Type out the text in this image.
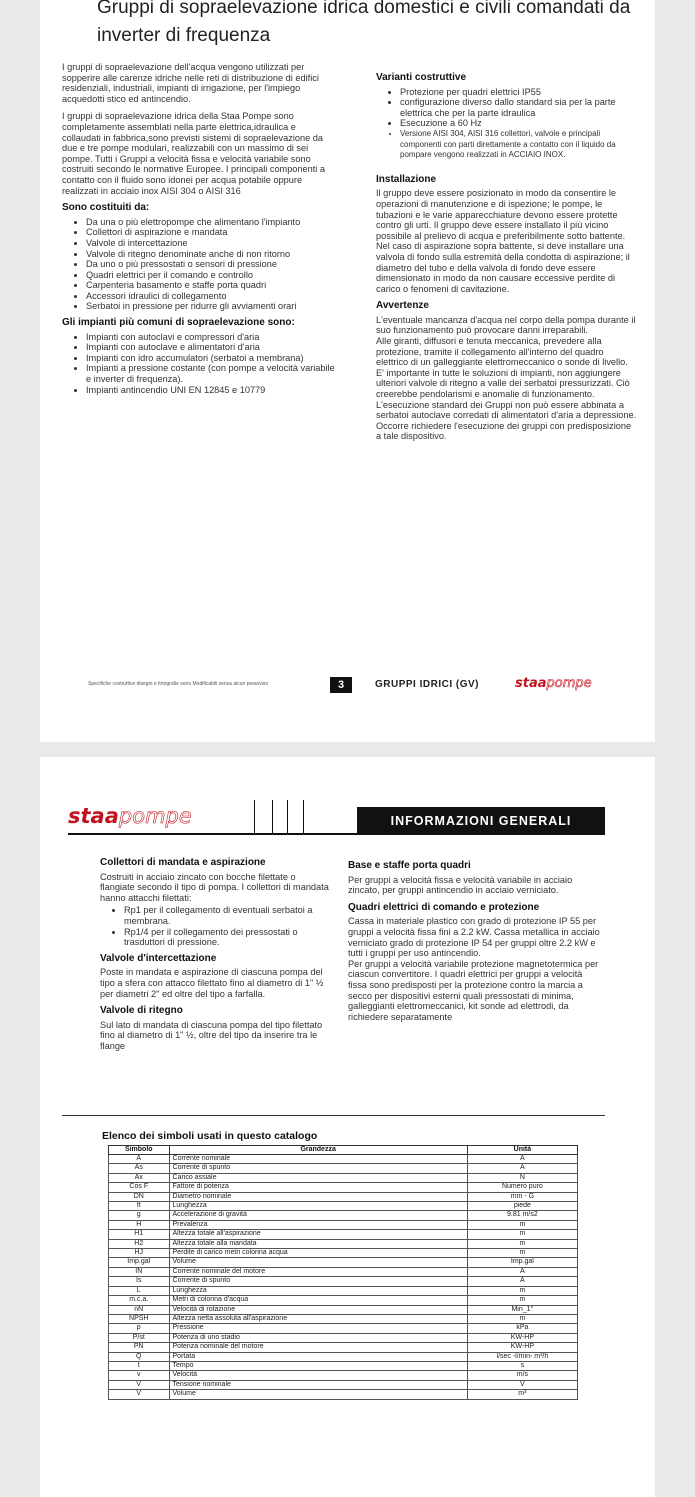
Gruppi di sopraelevazione idrica domestici e civili comandati da inverter di frequenza

I gruppi di sopraelevazione dell'acqua vengono utilizzati per sopperire alle carenze idriche nelle reti di distribuzione di edifici residenziali, industriali, impianti di irrigazione, per l'impiego acquedotti stico ed antincendio.

I gruppi di sopraelevazione idrica della Staa Pompe sono completamente assemblati nella parte elettrica,idraulica e collaudati in fabbrica,sono previsti sistemi di sopraelevazione da due e tre pompe modulari, realizzabili con un massimo di sei pompe. Tutti i Gruppi a velocità fissa e velocità variabile sono costruiti secondo le normative Europee. I principali componenti a contatto con il fluido sono idonei per acqua potabile oppure realizzati in acciaio inox AISI 304 o AISI 316

Sono costituiti da:
• Da una o più elettropompe che alimentano l'impianto
• Collettori di aspirazione e mandata
• Valvole di intercettazione
• Valvole di ritegno denominate anche di non ritorno
• Da uno o più pressostati o sensori di pressione
• Quadri elettrici per il comando e controllo
• Carpenteria basamento e staffe porta quadri
• Accessori idraulici di collegamento
• Serbatoi in pressione per ridurre gli avviamenti orari
Gli impianti più comuni di sopraelevazione sono:
• Impianti con autoclavi e compressori d'aria
• Impianti con autoclave e alimentatori d'aria
• Impianti con idro accumulatori (serbatoi a membrana)
• Impianti a pressione costante (con pompe a velocità variabile e inverter di frequenza).
• Impianti antincendio UNI EN 12845 e 10779
Varianti costruttive
• Protezione per quadri elettrici IP55
• configurazione diverso dallo standard sia per la parte elettrica che per la parte idraulica
• Esecuzione a 60 Hz
• Versione AISI 304, AISI 316 collettori, valvole e principali componenti con parti direttamente a contatto con il liquido da pompare vengono realizzati in ACCIAIO INOX.
Installazione

Il gruppo deve essere posizionato in modo da consentire le operazioni di manutenzione e di ispezione; le pompe, le tubazioni e le varie apparecchiature devono essere protette contro gli urti. Il gruppo deve essere installato il più vicino possibile al prelievo di acqua e preferibilmente sotto battente. Nel caso di aspirazione sopra battente, si deve installare una valvola di fondo sulla estremità della condotta di aspirazione; il diametro del tubo e della valvola di fondo deve essere dimensionato in modo da non causare eccessive perdite di carico o fenomeni di cavitazione.

Avvertenze

L'eventuale mancanza d'acqua nel corpo della pompa durante il suo funzionamento può provocare danni irreparabili.

Alle giranti, diffusori e tenuta meccanica, prevedere alla protezione, tramite il collegamento all'interno del quadro elettrico di un galleggiante elettromeccanico o sonde di livello.

E' importante in tutte le soluzioni di impianti, non aggiungere ulteriori valvole di ritegno a valle dei serbatoi pressurizzati. Ciò creerebbe pendolarismi e anomalie di funzionamento.

L'esecuzione standard dei Gruppi non può essere abbinata a serbatoi autoclave corredati di alimentatori d'aria a depressione. Occorre richiedere l'esecuzione dei gruppi con predisposizione a tale dispositivo.

Specifiche costruttive disegni e fotografie sono Modificabili senza alcun preavviso	3	GRUPPI IDRICI (GV)	staapompe
staapompe	INFORMAZIONI GENERALI
Collettori di mandata e aspirazione

Costruiti in acciaio zincato con bocche filettate o flangiate secondo il tipo di pompa. I collettori di mandata hanno attacchi filettati:

• Rp1 per il collegamento di eventuali serbatoi a membrana.
• Rp1/4 per il collegamento dei pressostati o trasduttori di pressione.
Valvole d'intercettazione

Poste in mandata e aspirazione di ciascuna pompa del tipo a sfera con attacco filettato fino al diametro di 1" ½ per diametri 2" ed oltre del tipo a farfalla.

Valvole di ritegno

Sul lato di mandata di ciascuna pompa del tipo filettato fino al diametro di 1" ½, oltre del tipo da inserire tra le flange

Base e staffe porta quadri

Per gruppi a velocità fissa e velocità variabile in acciaio zincato, per gruppi antincendio in acciaio verniciato.

Quadri elettrici di comando e protezione

Cassa in materiale plastico con grado di protezione IP 55 per gruppi a velocità fissa fini a 2.2 kW. Cassa metallica in acciaio verniciato grado di protezione IP 54 per gruppi oltre 2.2 kW e tutti i gruppi per uso antincendio.

Per gruppi a velocità variabile protezione magnetotermica per ciascun convertitore. I quadri elettrici per gruppi a velocità fissa sono predisposti per la protezione contro la marcia a secco per dispositivi esterni quali pressostati di minima, galleggianti elettromeccanici, kit sonde ad elettrodi, da richiedere separatamente

Elenco dei simboli usati in questo catalogo
Simbolo	Grandezza	Unità
A	Corrente nominale	A
As	Corrente di spunto	A
Ax	Carico assiale	N
Cos F	Fattore di potenza	Numero puro
DN	Diametro nominale	mm - G
ft	Lunghezza	piede
g	Accelerazione di gravità	9.81 m/s2
H	Prevalenza	m
H1	Altezza totale all'aspirazione	m
H2	Altezza totale alla mandata	m
HJ	Perdite di carico metri colonna acqua	m
Imp.gal	Volume	Imp.gal
IN	Corrente nominale del motore	A
Is	Corrente di spunto	A
L	Lunghezza	m
m.c.a.	Metri di colonna d'acqua	m
nN	Velocità di rotazione	Min_1°
NPSH	Altezza netta assoluta all'aspirazione	m
p	Pressione	kPa
P/st	Potenza di uno stadio	KW-HP
PN	Potenza nominale del motore	KW-HP
Q	Portata	l/sec -l/min- m³/h
t	Tempo	s
v	Velocità	m/s
V	Tensione nominale	V
V	Volume	m³
